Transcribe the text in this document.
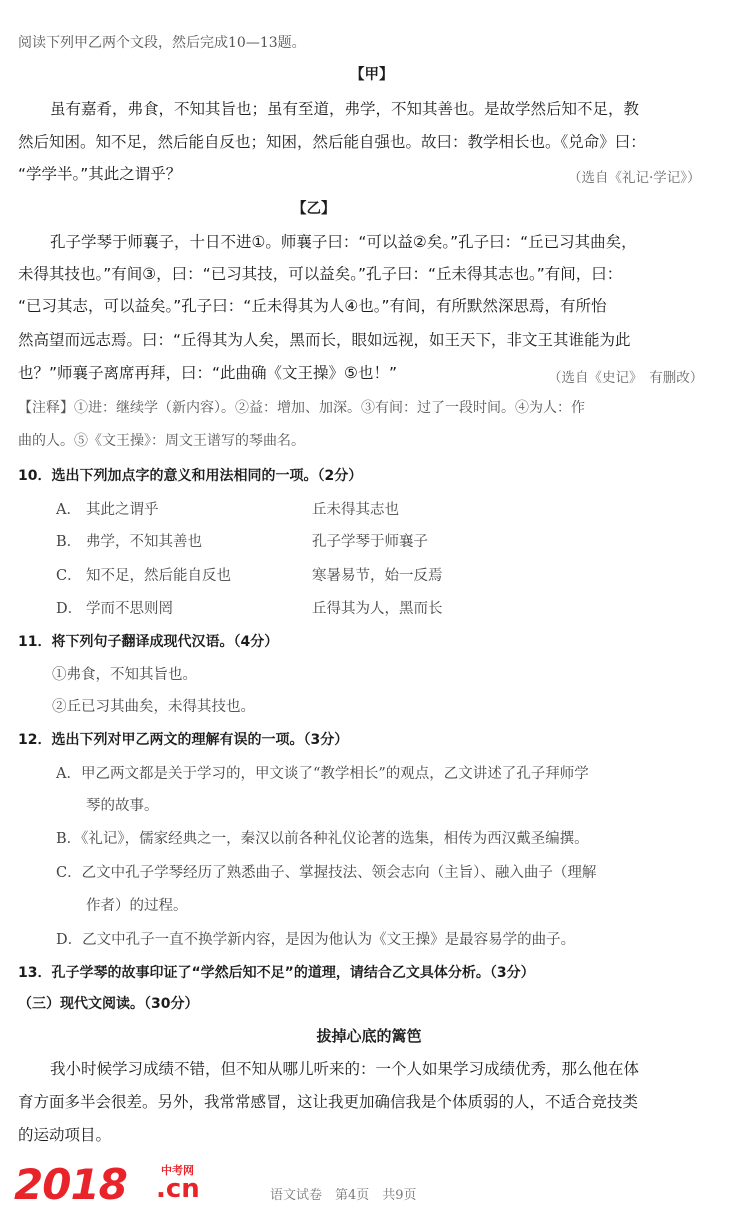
阅读下列甲乙两个文段，然后完成10—13题。
【甲】
虽有嘉肴，弗食，不知其旨也；虽有至道，弗学，不知其善也。是故学然后知不足，教
然后知困。知不足，然后能自反也；知困，然后能自强也。故曰：教学相长也。《兑命》曰：
“学学半。”其此之谓乎？	（选自《礼记·学记》）
【乙】
孔子学琴于师襄子，十日不进①。师襄子曰：“可以益②矣。”孔子曰：“丘已习其曲矣，
未得其技也。”有间③，曰：“已习其技，可以益矣。”孔子曰：“丘未得其志也。”有间，曰：
“已习其志，可以益矣。”孔子曰：“丘未得其为人④也。”有间，有所默然深思焉，有所怡
然高望而远志焉。曰：“丘得其为人矣，黑而长，眼如远视，如王天下，非文王其谁能为此
也？”师襄子离席再拜，曰：“此曲确《文王操》⑤也！”	（选自《史记》　有删改）
【注释】①进：继续学（新内容）。②益：增加、加深。③有间：过了一段时间。④为人：作
曲的人。⑤《文王操》：周文王谱写的琴曲名。
10．选出下列加点字的意义和用法相同的一项。（2分）
A． 其此之谓乎	丘未得其志也
B． 弗学，不知其善也	孔子学琴于师襄子
C． 知不足，然后能自反也	寒暑易节，始一反焉
D． 学而不思则罔	丘得其为人，黑而长
11．将下列句子翻译成现代汉语。（4分）
①弗食，不知其旨也。
②丘已习其曲矣，未得其技也。
12．选出下列对甲乙两文的理解有误的一项。（3分）
A．甲乙两文都是关于学习的，甲文谈了“教学相长”的观点，乙文讲述了孔子拜师学
琴的故事。
B．《礼记》，儒家经典之一，秦汉以前各种礼仪论著的选集，相传为西汉戴圣编撰。
C．乙文中孔子学琴经历了熟悉曲子、掌握技法、领会志向（主旨）、融入曲子（理解
作者）的过程。
D．乙文中孔子一直不换学新内容，是因为他认为《文王操》是最容易学的曲子。
13．孔子学琴的故事印证了“学然后知不足”的道理，请结合乙文具体分析。（3分）
（三）现代文阅读。（30分）
拔掉心底的篱笆
我小时候学习成绩不错，但不知从哪儿听来的：一个人如果学习成绩优秀，那么他在体
育方面多半会很差。另外，我常常感冒，这让我更加确信我是个体质弱的人，不适合竞技类
的运动项目。
2018	中考网
.cn	语文试卷　第4页　共9页
